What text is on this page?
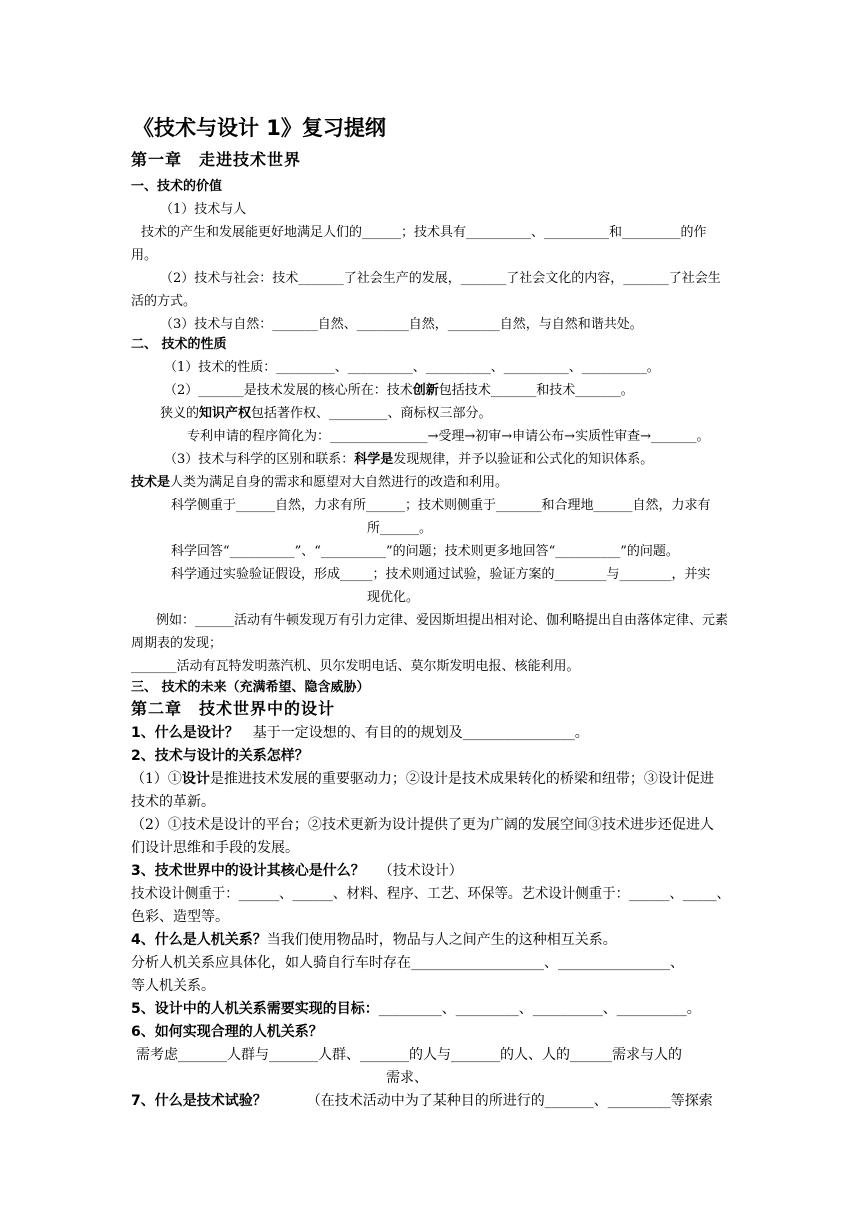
《技术与设计 1》复习提纲
第一章　走进技术世界
一、技术的价值
（1）技术与人
技术的产生和发展能更好地满足人们的______；技术具有__________、__________和_________的作
用。
（2）技术与社会：技术_______了社会生产的发展，_______了社会文化的内容，_______了社会生
活的方式。
（3）技术与自然：_______自然、________自然，________自然，与自然和谐共处。
二、 技术的性质
（1）技术的性质：_________、__________、__________、__________、__________。
（2）_______是技术发展的核心所在：技术创新包括技术_______和技术_______。
狭义的知识产权包括著作权、_________、商标权三部分。
专利申请的程序简化为：_______________→受理→初审→申请公布→实质性审查→_______。
（3）技术与科学的区别和联系：科学是发现规律，并予以验证和公式化的知识体系。
技术是人类为满足自身的需求和愿望对大自然进行的改造和利用。
科学侧重于______自然，力求有所______；技术则侧重于_______和合理地______自然，力求有
所______。
科学回答“__________”、“__________”的问题；技术则更多地回答“__________”的问题。
科学通过实验验证假设，形成_____；技术则通过试验，验证方案的________与________，并实
现优化。
例如：______活动有牛顿发现万有引力定律、爱因斯坦提出相对论、伽利略提出自由落体定律、元素
周期表的发现；
_______活动有瓦特发明蒸汽机、贝尔发明电话、莫尔斯发明电报、核能利用。
三、 技术的未来（充满希望、隐含威胁）
第二章　技术世界中的设计
1、什么是设计？　基于一定设想的、有目的的规划及________________。
2、技术与设计的关系怎样？
（1）①设计是推进技术发展的重要驱动力；②设计是技术成果转化的桥梁和纽带；③设计促进
技术的革新。
（2）①技术是设计的平台；②技术更新为设计提供了更为广阔的发展空间③技术进步还促进人
们设计思维和手段的发展。
3、技术世界中的设计其核心是什么？ （技术设计）
技术设计侧重于：______、______、材料、程序、工艺、环保等。艺术设计侧重于：______、_____、
色彩、造型等。
4、什么是人机关系？当我们使用物品时，物品与人之间产生的这种相互关系。
分析人机关系应具体化，如人骑自行车时存在___________________、________________、
等人机关系。
5、设计中的人机关系需要实现的目标：_________、_________、__________、__________。
6、如何实现合理的人机关系？
需考虑_______人群与_______人群、_______的人与_______的人、人的______需求与人的
需求、
7、什么是技术试验？	（在技术活动中为了某种目的所进行的_______、_________等探索
